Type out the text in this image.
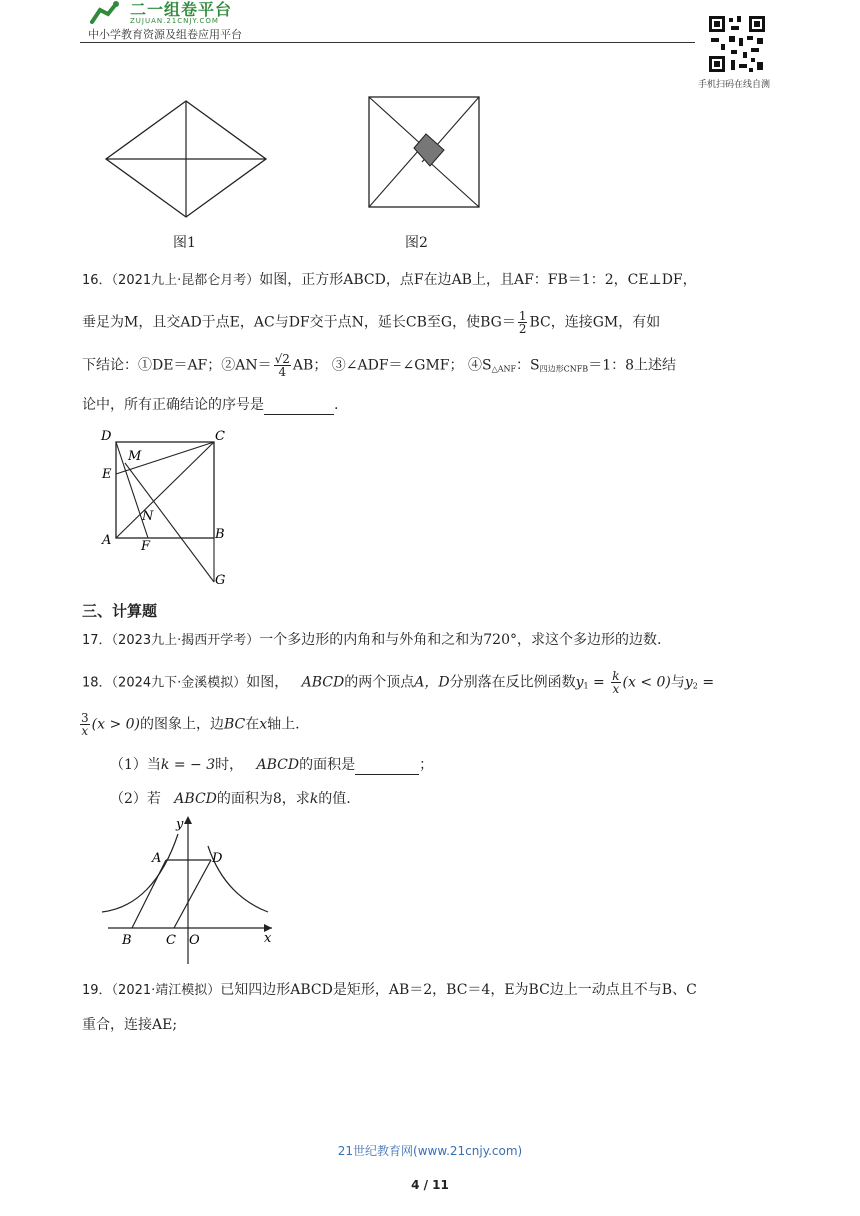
二一组卷平台
ZUJUAN.21CNJY.COM
中小学教育资源及组卷应用平台
手机扫码在线自测
图1	图2
16．（2021九上·昆都仑月考）如图，正方形ABCD，点F在边AB上，且AF：FB＝1：2，CE⊥DF，
垂足为M，且交AD于点E，AC与DF交于点N，延长CB至G，使$BG= \frac{1}{2}$ BC，连接GM，有如
下结论：①DE＝AF；②AN＝ $\frac{√2}{4}$ AB； ③∠ADF＝∠GMF； $④S_{\triangle ANF}$：$S_{四边形CNFB}=1$：8上述结
论中，所有正确结论的序号是	.
D	C
M
E
N
A F
B
G
三、计算题
17．（2023九上·揭西开学考）一个多边形的内角和与外角和之和为720°，求这个多边形的边数.
18．（2024九下·金溪模拟）如图， ABCD的两个顶点A，D分别落在反比例函数$y_1 = \frac{k}{x} (x < 0)$与$y_2$ =
$\frac{3}{x} (x > 0)$的图象上，边BC在x轴上.
（1）当k = − 3时， ABCD的面积是	；
（2）若 ABCD的面积为8，求k的值.
y
A	D
B	C O	x
19．（2021·靖江模拟）已知四边形ABCD是矩形，AB＝2，BC＝4，E为BC边上一动点且不与B、C
重合，连接AE;
21世纪教育网(www.21cnjy.com)
4 / 11
